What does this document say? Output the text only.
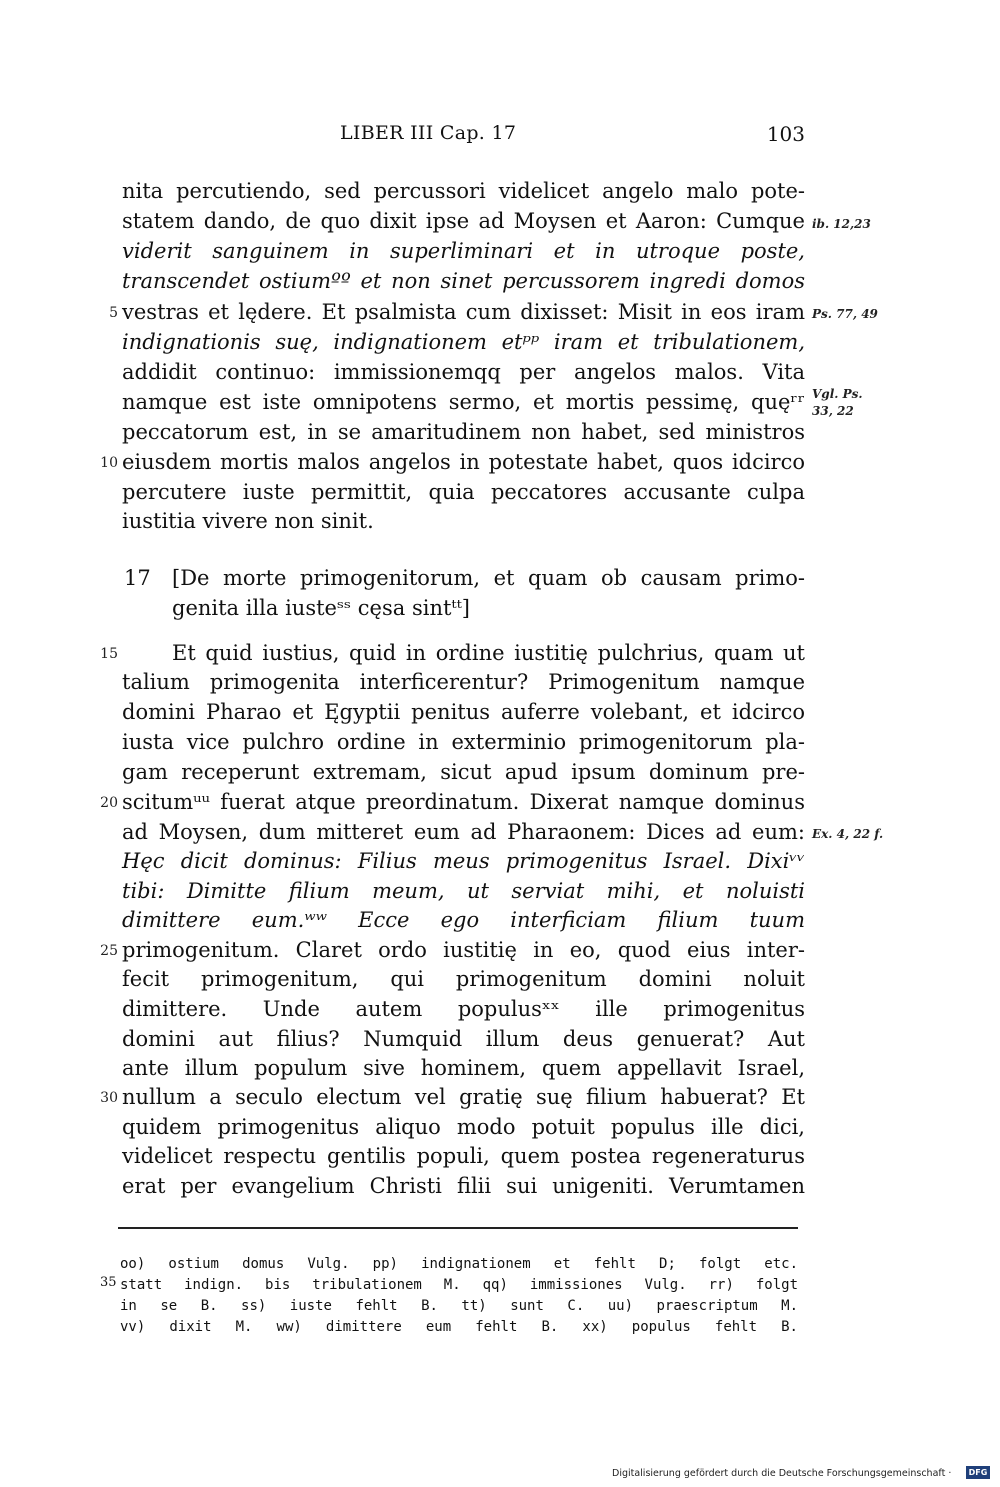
LIBER III Cap. 17	103
nita percutiendo, sed percussori videlicet angelo malo pote-
statem dando, de quo dixit ipse ad Moysen et Aaron: Cumque
viderit sanguinem in superliminari et in utroque poste,
transcendet ostiumºº et non sinet percussorem ingredi domos
vestras et lędere. Et psalmista cum dixisset: Misit in eos iram
5
indignationis suę, indignationem etᵖᵖ iram et tribulationem,
addidit continuo: immissionemqq per angelos malos. Vita
namque est iste omnipotens sermo, et mortis pessimę, quęʳʳ
peccatorum est, in se amaritudinem non habet, sed ministros
eiusdem mortis malos angelos in potestate habet, quos idcirco
10
percutere iuste permittit, quia peccatores accusante culpa
iustitia vivere non sinit.
17 [De morte primogenitorum, et quam ob causam primo-
genita illa iusteˢˢ cęsa sintᵗᵗ]
Et quid iustius, quid in ordine iustitię pulchrius, quam ut
15
talium primogenita interficerentur? Primogenitum namque
domini Pharao et Ęgyptii penitus auferre volebant, et idcirco
iusta vice pulchro ordine in exterminio primogenitorum pla-
gam receperunt extremam, sicut apud ipsum dominum pre-
scitumᵘᵘ fuerat atque preordinatum. Dixerat namque dominus
20
ad Moysen, dum mitteret eum ad Pharaonem: Dices ad eum:
Hęc dicit dominus: Filius meus primogenitus Israel. Dixiᵛᵛ
tibi: Dimitte filium meum, ut serviat mihi, et noluisti
dimittere eum.ʷʷ Ecce ego interficiam filium tuum
primogenitum. Claret ordo iustitię in eo, quod eius inter-
25
fecit primogenitum, qui primogenitum domini noluit
dimittere. Unde autem populusˣˣ ille primogenitus
domini aut filius? Numquid illum deus genuerat? Aut
ante illum populum sive hominem, quem appellavit Israel,
nullum a seculo electum vel gratię suę filium habuerat? Et
30
quidem primogenitus aliquo modo potuit populus ille dici,
videlicet respectu gentilis populi, quem postea regeneraturus
erat per evangelium Christi filii sui unigeniti. Verumtamen
ib. 12,23
Ps. 77, 49
Vgl. Ps.
33, 22
Ex. 4, 22 f.
oo) ostium domus Vulg. pp) indignationem et fehlt D; folgt etc.
statt indign. bis tribulationem M. qq) immissiones Vulg. rr) folgt
35
in se B. ss) iuste fehlt B. tt) sunt C. uu) praescriptum M.
vv) dixit M. ww) dimittere eum fehlt B. xx) populus fehlt B.
Digitalisierung gefördert durch die Deutsche Forschungsgemeinschaft ·	DFG
